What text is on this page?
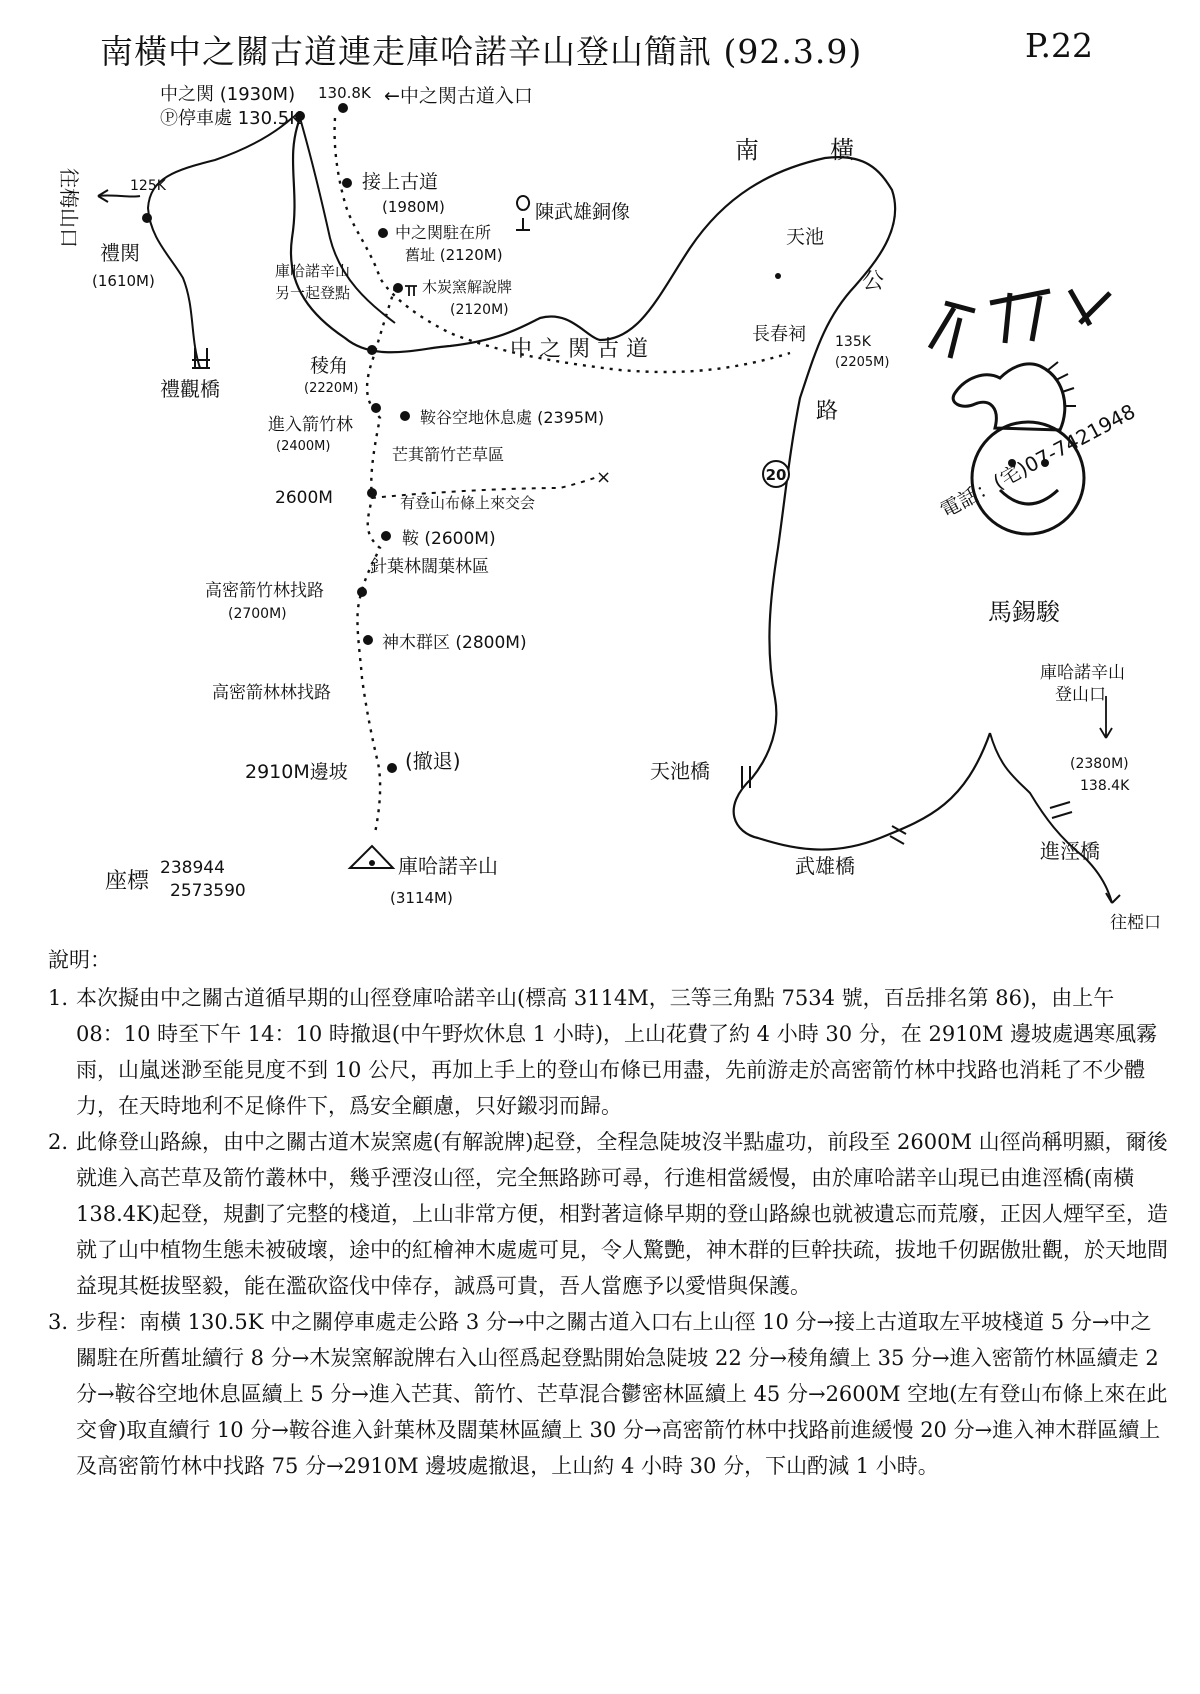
南橫中之關古道連走庫哈諾辛山登山簡訊 (92.3.9)	P.22
×	20
南	橫
公
路
中之関 (1930M)
Ⓟ停車處 130.5K
130.8K ←中之関古道入口
往梅山口	125K
禮関
(1610M)
禮觀橋
接上古道
(1980M)
中之関駐在所
舊址 (2120M)
陳武雄銅像
木炭窯解說牌
(2120M)
庫哈諾辛山
另一起登點
中 之 関 古 道
長春祠 135K
(2205M)
天池
稜角
(2220M)
進入箭竹林
(2400M)
鞍谷空地休息處 (2395M)
芒萁箭竹芒草區
2600M	有登山布條上來交会
鞍 (2600M)
針葉林闊葉林區
高密箭竹林找路
(2700M)
神木群区 (2800M)
高密箭林林找路
2910M邊坡	(撤退)
庫哈諾辛山
(3114M)
座標
238944
2573590
天池橋
武雄橋
庫哈諾辛山
登山口
(2380M)
138.4K
進涇橋
往椏口
電話：(宅)07-7421948
馬錫駿
說明：

1. 本次擬由中之關古道循早期的山徑登庫哈諾辛山(標高 3114M，三等三角點 7534 號，百岳排名第 86)，由上午 08：10 時至下午 14：10 時撤退(中午野炊休息 1 小時)，上山花費了約 4 小時 30 分，在 2910M 邊坡處遇寒風霧雨，山嵐迷渺至能見度不到 10 公尺，再加上手上的登山布條已用盡，先前游走於高密箭竹林中找路也消耗了不少體力，在天時地利不足條件下，爲安全顧慮，只好鎩羽而歸。

2. 此條登山路線，由中之關古道木炭窯處(有解說牌)起登，全程急陡坡沒半點虛功，前段至 2600M 山徑尚稱明顯，爾後就進入高芒草及箭竹叢林中，幾乎湮沒山徑，完全無路跡可尋，行進相當緩慢，由於庫哈諾辛山現已由進涇橋(南橫 138.4K)起登，規劃了完整的棧道，上山非常方便，相對著這條早期的登山路線也就被遺忘而荒廢，正因人煙罕至，造就了山中植物生態未被破壞，途中的紅檜神木處處可見，令人驚艷，神木群的巨幹扶疏，拔地千仞踞傲壯觀，於天地間益現其梃拔堅毅，能在濫砍盜伐中倖存，誠爲可貴，吾人當應予以愛惜與保護。

3. 步程：南橫 130.5K 中之關停車處走公路 3 分→中之關古道入口右上山徑 10 分→接上古道取左平坡棧道 5 分→中之關駐在所舊址續行 8 分→木炭窯解說牌右入山徑爲起登點開始急陡坡 22 分→稜角續上 35 分→進入密箭竹林區續走 2 分→鞍谷空地休息區續上 5 分→進入芒萁、箭竹、芒草混合鬱密林區續上 45 分→2600M 空地(左有登山布條上來在此交會)取直續行 10 分→鞍谷進入針葉林及闊葉林區續上 30 分→高密箭竹林中找路前進緩慢 20 分→進入神木群區續上及高密箭竹林中找路 75 分→2910M 邊坡處撤退，上山約 4 小時 30 分，下山酌減 1 小時。
